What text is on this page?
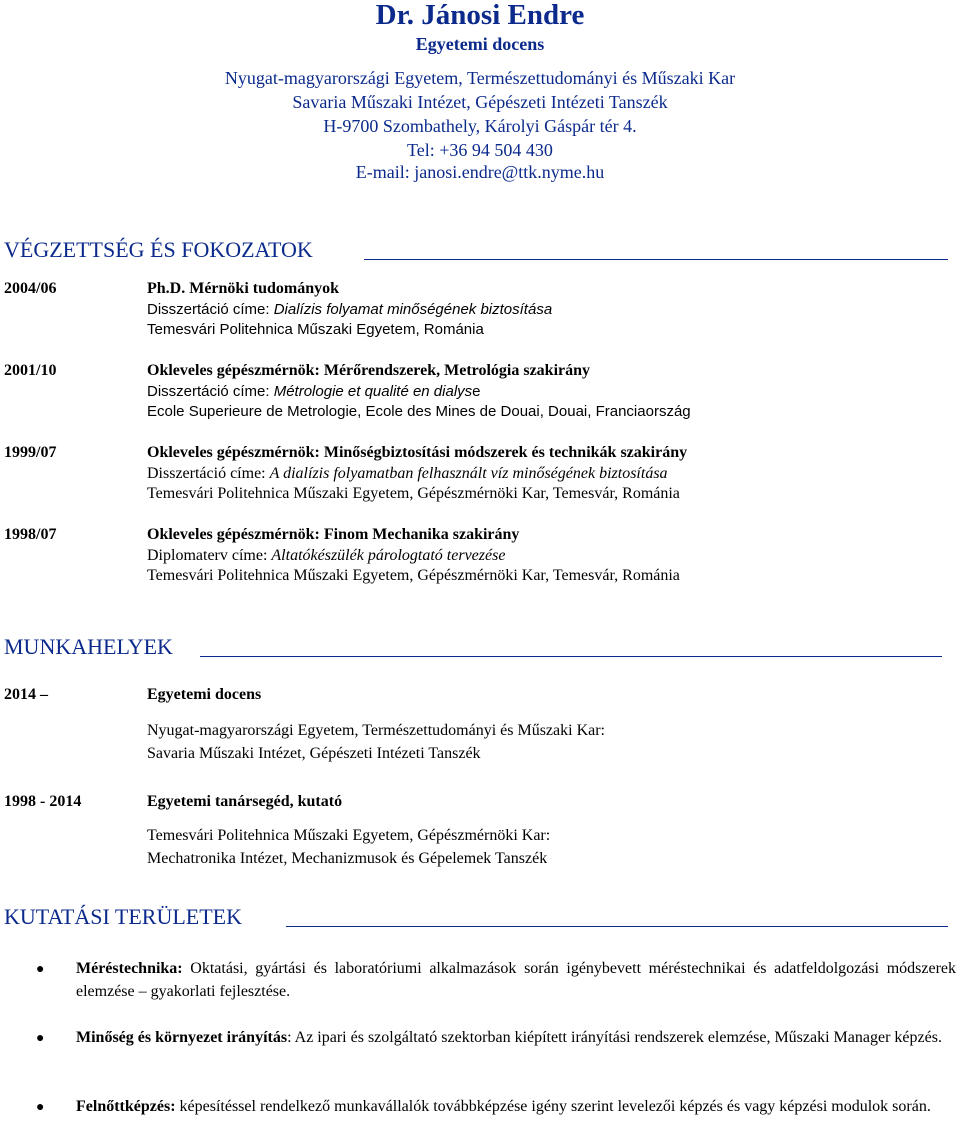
Dr. Jánosi Endre
Egyetemi docens
Nyugat-magyarországi Egyetem, Természettudományi és Műszaki Kar
Savaria Műszaki Intézet, Gépészeti Intézeti Tanszék
H-9700 Szombathely, Károlyi Gáspár tér 4.
Tel: +36 94 504 430
E-mail: janosi.endre@ttk.nyme.hu
VÉGZETTSÉG ÉS FOKOZATOK
2004/06	Ph.D. Mérnöki tudományok
Disszertáció címe: Dialízis folyamat minőségének biztosítása
Temesvári Politehnica Műszaki Egyetem, Románia
2001/10	Okleveles gépészmérnök: Mérőrendszerek, Metrológia szakirány
Disszertáció címe: Métrologie et qualité en dialyse
Ecole Superieure de Metrologie, Ecole des Mines de Douai, Douai, Franciaország
1999/07	Okleveles gépészmérnök: Minőségbiztosítási módszerek és technikák szakirány
Disszertáció címe: A dialízis folyamatban felhasznált víz minőségének biztosítása
Temesvári Politehnica Műszaki Egyetem, Gépészmérnöki Kar, Temesvár, Románia
1998/07	Okleveles gépészmérnök: Finom Mechanika szakirány
Diplomaterv címe: Altatókészülék párologtató tervezése
Temesvári Politehnica Műszaki Egyetem, Gépészmérnöki Kar, Temesvár, Románia
MUNKAHELYEK
2014 –	Egyetemi docens
Nyugat-magyarországi Egyetem, Természettudományi és Műszaki Kar:
Savaria Műszaki Intézet, Gépészeti Intézeti Tanszék
1998 - 2014	Egyetemi tanársegéd, kutató
Temesvári Politehnica Műszaki Egyetem, Gépészmérnöki Kar:
Mechatronika Intézet, Mechanizmusok és Gépelemek Tanszék
KUTATÁSI TERÜLETEK
● Méréstechnika: Oktatási, gyártási és laboratóriumi alkalmazások során igénybevett méréstechnikai és adatfeldolgozási módszerek elemzése – gyakorlati fejlesztése.
● Minőség és környezet irányítás: Az ipari és szolgáltató szektorban kiépített irányítási rendszerek elemzése, Műszaki Manager képzés.
● Felnőttképzés: képesítéssel rendelkező munkavállalók továbbképzése igény szerint levelezői képzés és vagy képzési modulok során.
